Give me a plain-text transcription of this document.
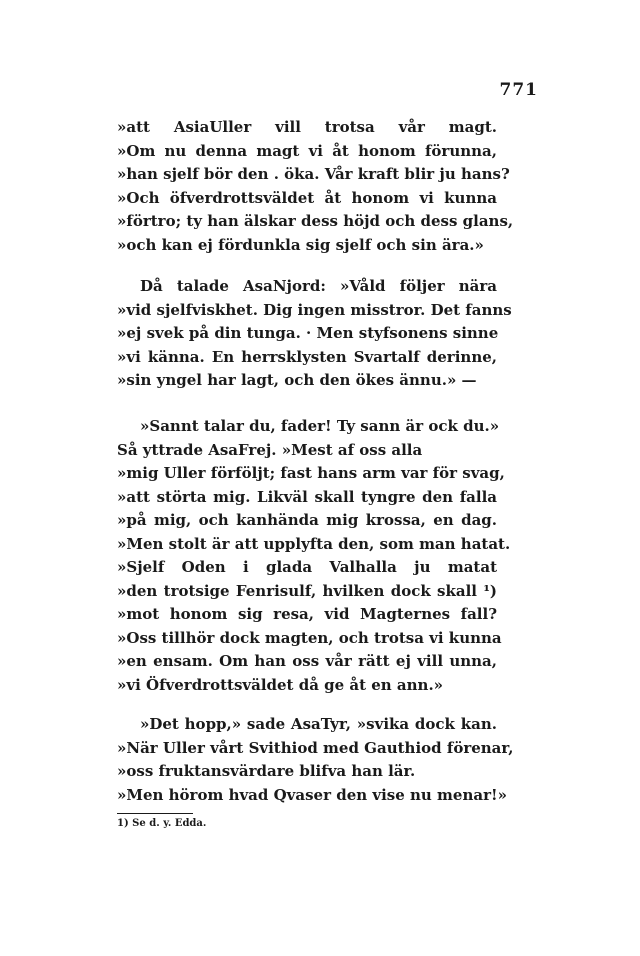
771
»att AsiaUller vill trotsa vår magt.
»Om nu denna magt vi åt honom förunna,
»han sjelf bör den . öka. Vår kraft blir ju hans?
»Och öfverdrottsväldet åt honom vi kunna
»förtro; ty han älskar dess höjd och dess glans,
»och kan ej fördunkla sig sjelf och sin ära.»
Då talade AsaNjord: »Våld följer nära
»vid sjelfviskhet. Dig ingen misstror. Det fanns
»ej svek på din tunga. · Men styfsonens sinne
»vi känna. En herrsklysten Svartalf derinne,
»sin yngel har lagt, och den ökes ännu.» —
»Sannt talar du, fader! Ty sann är ock du.»
Så yttrade AsaFrej. »Mest af oss alla
»mig Uller förföljt; fast hans arm var för svag,
»att störta mig. Likväl skall tyngre den falla
»på mig, och kanhända mig krossa, en dag.
»Men stolt är att upplyfta den, som man hatat.
»Sjelf Oden i glada Valhalla ju matat
»den trotsige Fenrisulf, hvilken dock skall ¹)
»mot honom sig resa, vid Magternes fall?
»Oss tillhör dock magten, och trotsa vi kunna
»en ensam. Om han oss vår rätt ej vill unna,
»vi Öfverdrottsväldet då ge åt en ann.»
»Det hopp,» sade AsaTyr, »svika dock kan.
»När Uller vårt Svithiod med Gauthiod förenar,
»oss fruktansvärdare blifva han lär.
»Men hörom hvad Qvaser den vise nu menar!»
1) Se d. y. Edda.
